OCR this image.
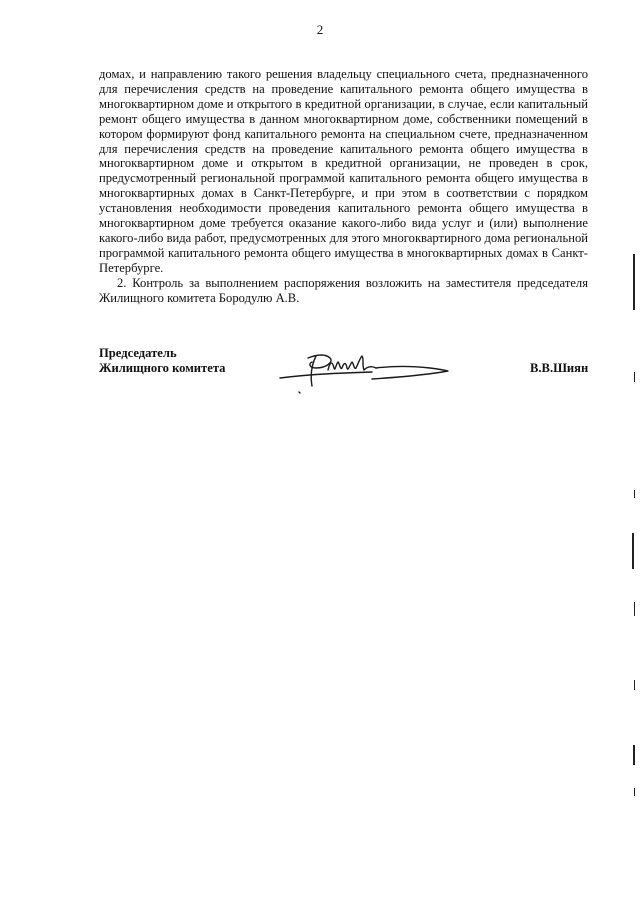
2

домах, и направлению такого решения владельцу специального счета, предназначенного для перечисления средств на проведение капитального ремонта общего имущества в многоквартирном доме и открытого в кредитной организации, в случае, если капитальный ремонт общего имущества в данном многоквартирном доме, собственники помещений в котором формируют фонд капитального ремонта на специальном счете, предназначенном для перечисления средств на проведение капитального ремонта общего имущества в многоквартирном доме и открытом в кредитной организации, не проведен в срок, предусмотренный региональной программой капитального ремонта общего имущества в многоквартирных домах в Санкт-Петербурге, и при этом в соответствии с порядком установления необходимости проведения капитального ремонта общего имущества в многоквартирном доме требуется оказание какого-либо вида услуг и (или) выполнение какого-либо вида работ, предусмотренных для этого многоквартирного дома региональной программой капитального ремонта общего имущества в многоквартирных домах в Санкт-Петербурге.

2. Контроль за выполнением распоряжения возложить на заместителя председателя Жилищного комитета Бородулю А.В.

Председатель
Жилищного комитета	В.В.Шиян
